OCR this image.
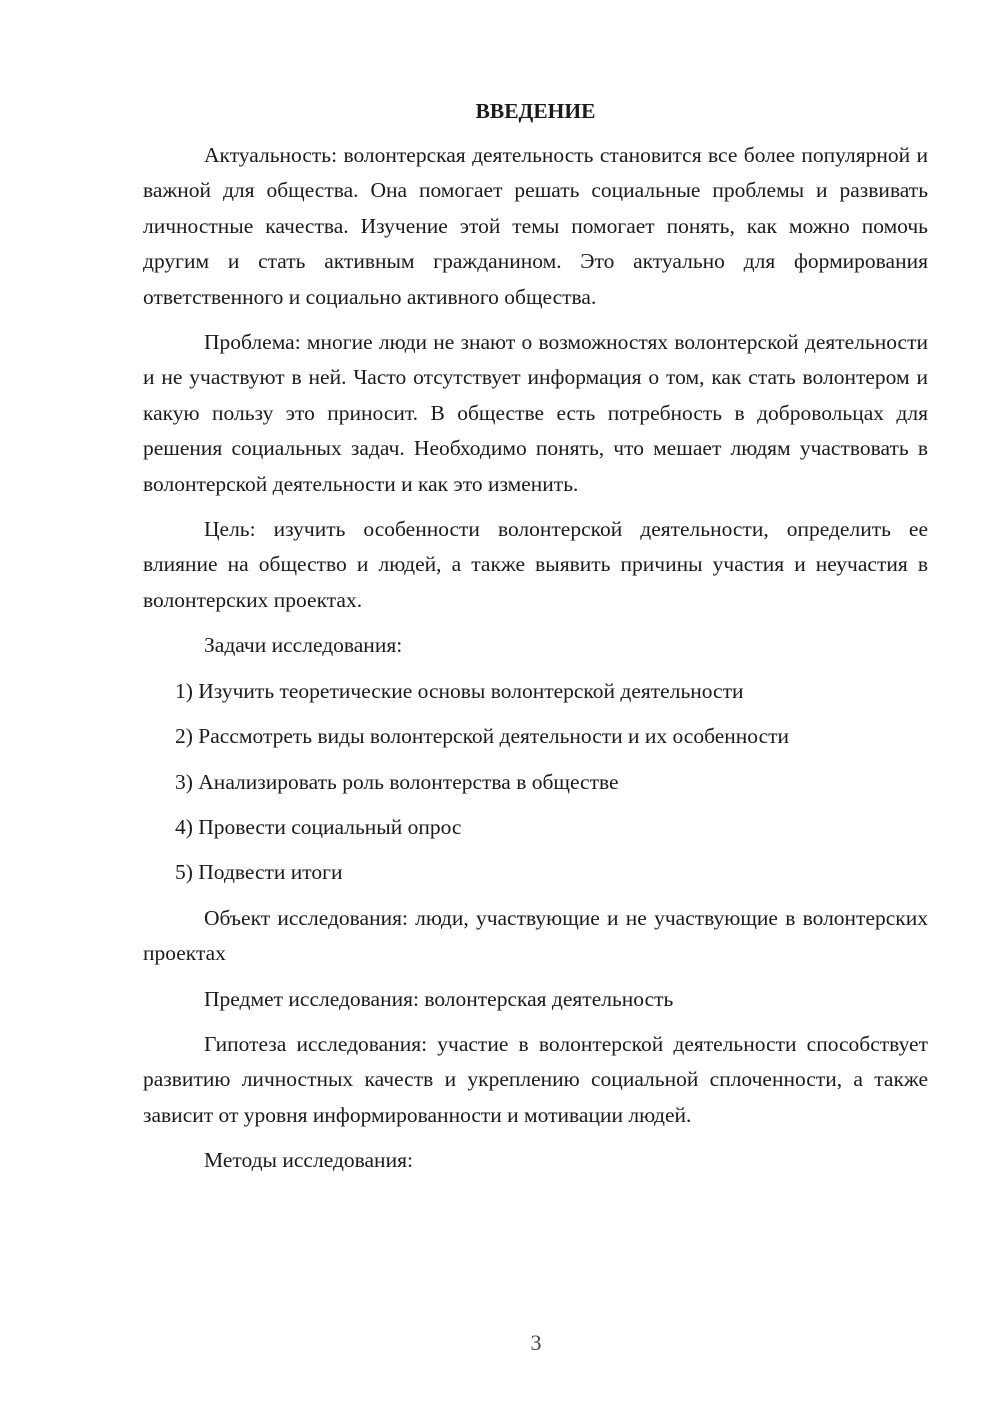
ВВЕДЕНИЕ

Актуальность: волонтерская деятельность становится все более популярной и важной для общества. Она помогает решать социальные проблемы и развивать личностные качества. Изучение этой темы помогает понять, как можно помочь другим и стать активным гражданином. Это актуально для формирования ответственного и социально активного общества.

Проблема: многие люди не знают о возможностях волонтерской деятельности и не участвуют в ней. Часто отсутствует информация о том, как стать волонтером и какую пользу это приносит. В обществе есть потребность в добровольцах для решения социальных задач. Необходимо понять, что мешает людям участвовать в волонтерской деятельности и как это изменить.

Цель: изучить особенности волонтерской деятельности, определить ее влияние на общество и людей, а также выявить причины участия и неучастия в волонтерских проектах.

Задачи исследования:

1) Изучить теоретические основы волонтерской деятельности
2) Рассмотреть виды волонтерской деятельности и их особенности
3) Анализировать роль волонтерства в обществе
4) Провести социальный опрос
5) Подвести итоги

Объект исследования: люди, участвующие и не участвующие в волонтерских проектах

Предмет исследования: волонтерская деятельность

Гипотеза исследования: участие в волонтерской деятельности способствует развитию личностных качеств и укреплению социальной сплоченности, а также зависит от уровня информированности и мотивации людей.

Методы исследования:

3
